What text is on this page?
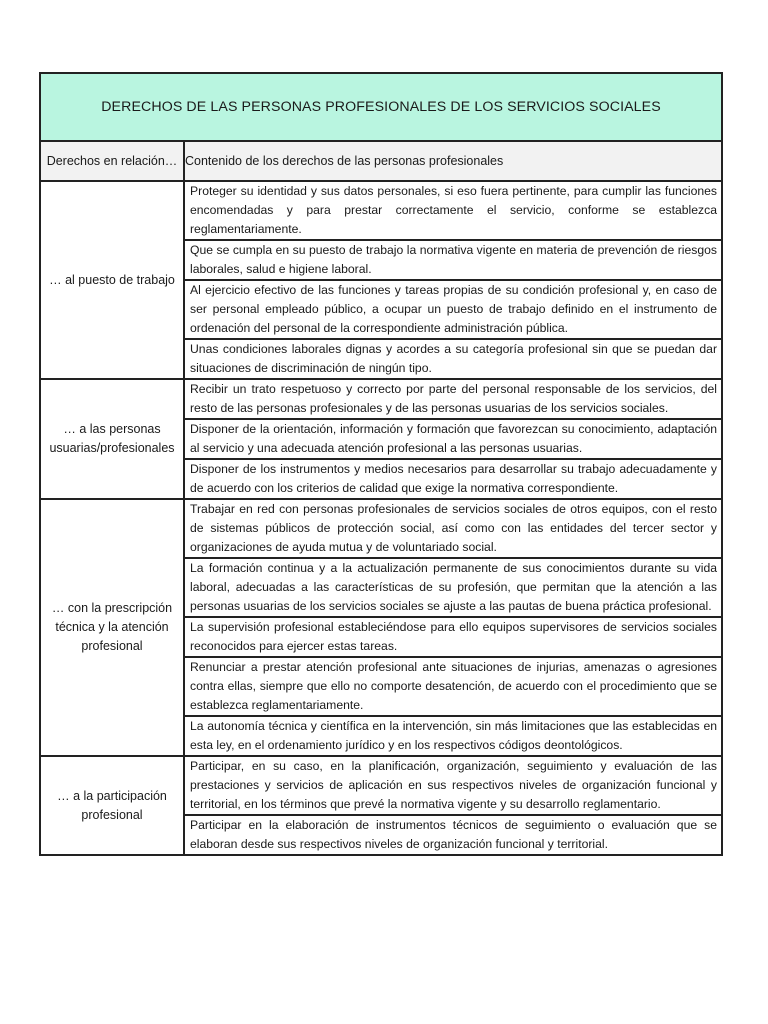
DERECHOS DE LAS PERSONAS PROFESIONALES DE LOS SERVICIOS SOCIALES	
Derechos en relación…	Contenido de los derechos de las personas profesionales
… al puesto de trabajo	Proteger su identidad y sus datos personales, si eso fuera pertinente, para cumplir las funciones encomendadas y para prestar correctamente el servicio, conforme se establezca reglamentariamente.
	Que se cumpla en su puesto de trabajo la normativa vigente en materia de prevención de riesgos laborales, salud e higiene laboral.
	Al ejercicio efectivo de las funciones y tareas propias de su condición profesional y, en caso de ser personal empleado público, a ocupar un puesto de trabajo definido en el instrumento de ordenación del personal de la correspondiente administración pública.
	Unas condiciones laborales dignas y acordes a su categoría profesional sin que se puedan dar situaciones de discriminación de ningún tipo.
… a las personas usuarias/profesionales	Recibir un trato respetuoso y correcto por parte del personal responsable de los servicios, del resto de las personas profesionales y de las personas usuarias de los servicios sociales.
	Disponer de la orientación, información y formación que favorezcan su conocimiento, adaptación al servicio y una adecuada atención profesional a las personas usuarias.
	Disponer de los instrumentos y medios necesarios para desarrollar su trabajo adecuadamente y de acuerdo con los criterios de calidad que exige la normativa correspondiente.
… con la prescripción técnica y la atención profesional	Trabajar en red con personas profesionales de servicios sociales de otros equipos, con el resto de sistemas públicos de protección social, así como con las entidades del tercer sector y organizaciones de ayuda mutua y de voluntariado social.
	La formación continua y a la actualización permanente de sus conocimientos durante su vida laboral, adecuadas a las características de su profesión, que permitan que la atención a las personas usuarias de los servicios sociales se ajuste a las pautas de buena práctica profesional.
	La supervisión profesional estableciéndose para ello equipos supervisores de servicios sociales reconocidos para ejercer estas tareas.
	Renunciar a prestar atención profesional ante situaciones de injurias, amenazas o agresiones contra ellas, siempre que ello no comporte desatención, de acuerdo con el procedimiento que se establezca reglamentariamente.
	La autonomía técnica y científica en la intervención, sin más limitaciones que las establecidas en esta ley, en el ordenamiento jurídico y en los respectivos códigos deontológicos.
… a la participación profesional	Participar, en su caso, en la planificación, organización, seguimiento y evaluación de las prestaciones y servicios de aplicación en sus respectivos niveles de organización funcional y territorial, en los términos que prevé la normativa vigente y su desarrollo reglamentario.
	Participar en la elaboración de instrumentos técnicos de seguimiento o evaluación que se elaboran desde sus respectivos niveles de organización funcional y territorial.
